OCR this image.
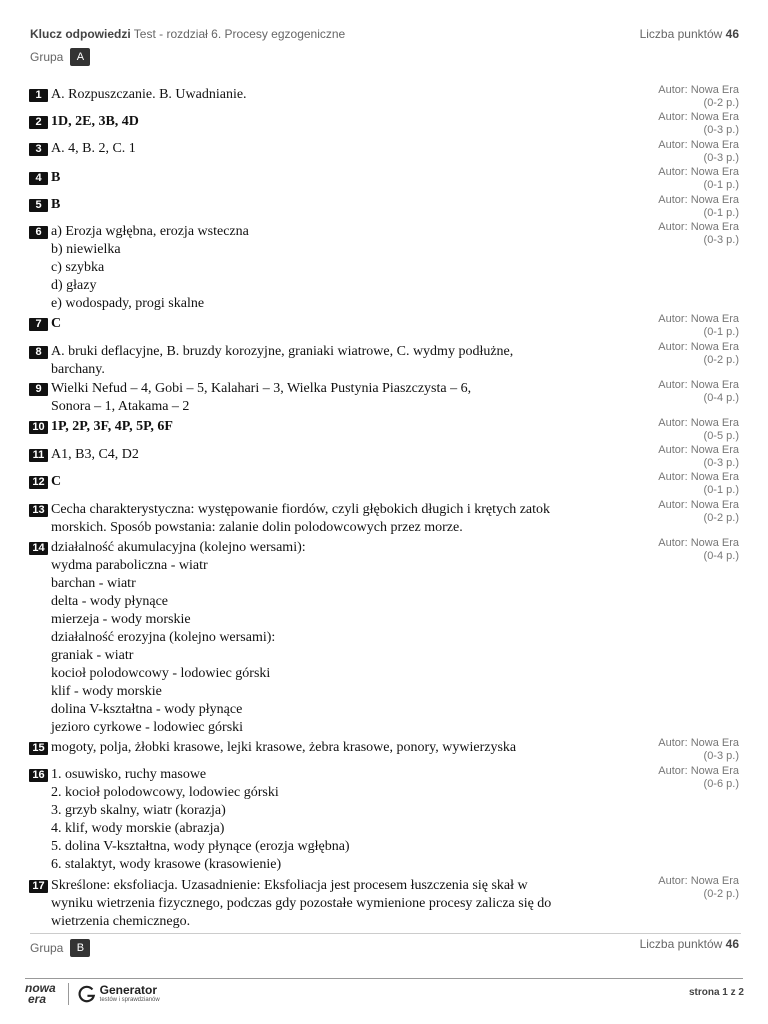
Klucz odpowiedzi Test - rozdział 6. Procesy egzogeniczne	Liczba punktów 46
Grupa	A
1 A. Rozpuszczanie. B. Uwadnianie.	Autor: Nowa Era
(0-2 p.)
2 1D, 2E, 3B, 4D	Autor: Nowa Era
(0-3 p.)
3 A. 4, B. 2, C. 1	Autor: Nowa Era
(0-3 p.)
4 B	Autor: Nowa Era
(0-1 p.)
5 B	Autor: Nowa Era
(0-1 p.)
6 a) Erozja wgłębna, erozja wsteczna
b) niewielka
c) szybka
d) głazy
e) wodospady, progi skalne
Autor: Nowa Era
(0-3 p.)
7 C	Autor: Nowa Era
(0-1 p.)
8 A. bruki deflacyjne, B. bruzdy korozyjne, graniaki wiatrowe, C. wydmy podłużne,
barchany.
Autor: Nowa Era
(0-2 p.)
9 Wielki Nefud – 4, Gobi – 5, Kalahari – 3, Wielka Pustynia Piaszczysta – 6,
Sonora – 1, Atakama – 2
Autor: Nowa Era
(0-4 p.)
10 1P, 2P, 3F, 4P, 5P, 6F	Autor: Nowa Era
(0-5 p.)
11 A1, B3, C4, D2	Autor: Nowa Era
(0-3 p.)
12 C	Autor: Nowa Era
(0-1 p.)
13 Cecha charakterystyczna: występowanie fiordów, czyli głębokich długich i krętych zatok
morskich. Sposób powstania: zalanie dolin polodowcowych przez morze.
Autor: Nowa Era
(0-2 p.)
14 działalność akumulacyjna (kolejno wersami):
wydma paraboliczna - wiatr
barchan - wiatr
delta - wody płynące
mierzeja - wody morskie
działalność erozyjna (kolejno wersami):
graniak - wiatr
kocioł polodowcowy - lodowiec górski
klif - wody morskie
dolina V-kształtna - wody płynące
jezioro cyrkowe - lodowiec górski
Autor: Nowa Era
(0-4 p.)
15 mogoty, polja, żłobki krasowe, lejki krasowe, żebra krasowe, ponory, wywierzyska	Autor: Nowa Era
(0-3 p.)
16 1. osuwisko, ruchy masowe
2. kocioł polodowcowy, lodowiec górski
3. grzyb skalny, wiatr (korazja)
4. klif, wody morskie (abrazja)
5. dolina V-kształtna, wody płynące (erozja wgłębna)
6. stalaktyt, wody krasowe (krasowienie)
Autor: Nowa Era
(0-6 p.)
17 Skreślone: eksfoliacja. Uzasadnienie: Eksfoliacja jest procesem łuszczenia się skał w
wyniku wietrzenia fizycznego, podczas gdy pozostałe wymienione procesy zalicza się do
wietrzenia chemicznego.
Autor: Nowa Era
(0-2 p.)
Grupa	B	Liczba punktów 46
nowa
era
Generator
testów i sprawdzianów
strona 1 z 2
